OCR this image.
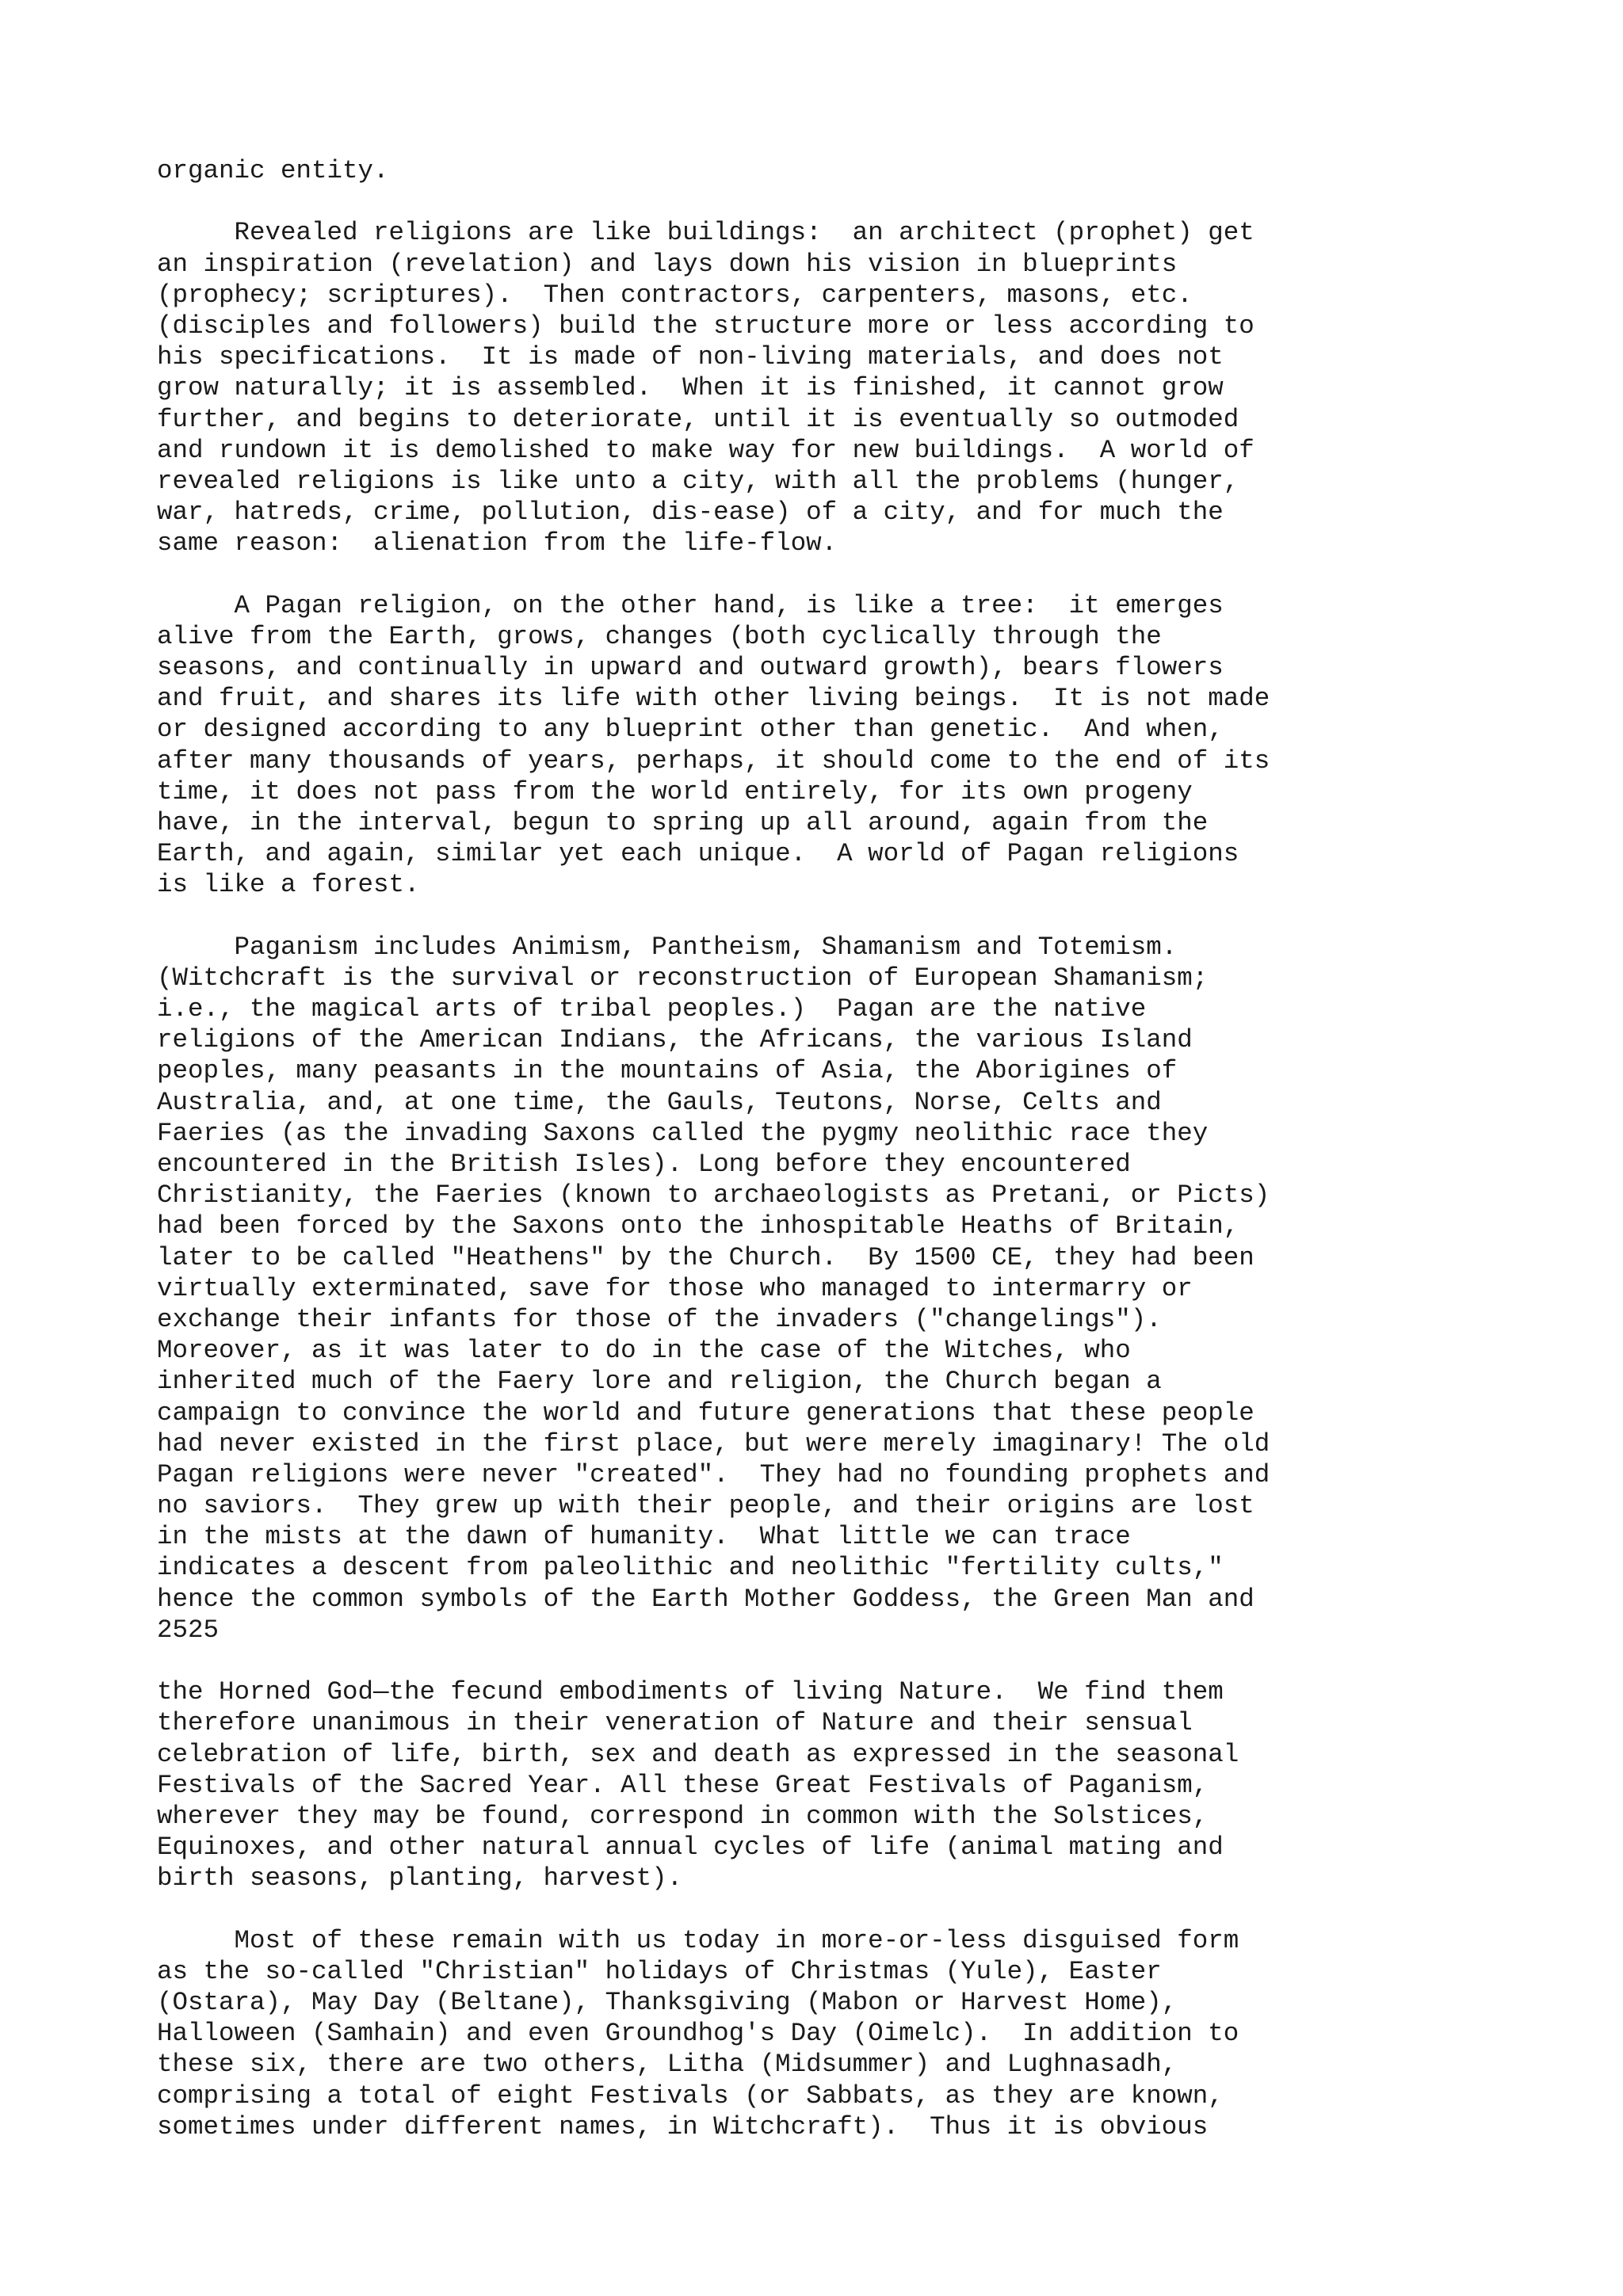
organic entity.
Revealed religions are like buildings:  an architect (prophet) get
an inspiration (revelation) and lays down his vision in blueprints
(prophecy; scriptures).  Then contractors, carpenters, masons, etc.
(disciples and followers) build the structure more or less according to
his specifications.  It is made of non-living materials, and does not
grow naturally; it is assembled.  When it is finished, it cannot grow
further, and begins to deteriorate, until it is eventually so outmoded
and rundown it is demolished to make way for new buildings.  A world of
revealed religions is like unto a city, with all the problems (hunger,
war, hatreds, crime, pollution, dis-ease) of a city, and for much the
same reason:  alienation from the life-flow.
A Pagan religion, on the other hand, is like a tree:  it emerges
alive from the Earth, grows, changes (both cyclically through the
seasons, and continually in upward and outward growth), bears flowers
and fruit, and shares its life with other living beings.  It is not made
or designed according to any blueprint other than genetic.  And when,
after many thousands of years, perhaps, it should come to the end of its
time, it does not pass from the world entirely, for its own progeny
have, in the interval, begun to spring up all around, again from the
Earth, and again, similar yet each unique.  A world of Pagan religions
is like a forest.
Paganism includes Animism, Pantheism, Shamanism and Totemism.
(Witchcraft is the survival or reconstruction of European Shamanism;
i.e., the magical arts of tribal peoples.)  Pagan are the native
religions of the American Indians, the Africans, the various Island
peoples, many peasants in the mountains of Asia, the Aborigines of
Australia, and, at one time, the Gauls, Teutons, Norse, Celts and
Faeries (as the invading Saxons called the pygmy neolithic race they
encountered in the British Isles). Long before they encountered
Christianity, the Faeries (known to archaeologists as Pretani, or Picts)
had been forced by the Saxons onto the inhospitable Heaths of Britain,
later to be called "Heathens" by the Church.  By 1500 CE, they had been
virtually exterminated, save for those who managed to intermarry or
exchange their infants for those of the invaders ("changelings").
Moreover, as it was later to do in the case of the Witches, who
inherited much of the Faery lore and religion, the Church began a
campaign to convince the world and future generations that these people
had never existed in the first place, but were merely imaginary! The old
Pagan religions were never "created".  They had no founding prophets and
no saviors.  They grew up with their people, and their origins are lost
in the mists at the dawn of humanity.  What little we can trace
indicates a descent from paleolithic and neolithic "fertility cults,"
hence the common symbols of the Earth Mother Goddess, the Green Man and
2525
the Horned God—the fecund embodiments of living Nature.  We find them
therefore unanimous in their veneration of Nature and their sensual
celebration of life, birth, sex and death as expressed in the seasonal
Festivals of the Sacred Year. All these Great Festivals of Paganism,
wherever they may be found, correspond in common with the Solstices,
Equinoxes, and other natural annual cycles of life (animal mating and
birth seasons, planting, harvest).
Most of these remain with us today in more-or-less disguised form
as the so-called "Christian" holidays of Christmas (Yule), Easter
(Ostara), May Day (Beltane), Thanksgiving (Mabon or Harvest Home),
Halloween (Samhain) and even Groundhog's Day (Oimelc).  In addition to
these six, there are two others, Litha (Midsummer) and Lughnasadh,
comprising a total of eight Festivals (or Sabbats, as they are known,
sometimes under different names, in Witchcraft).  Thus it is obvious
